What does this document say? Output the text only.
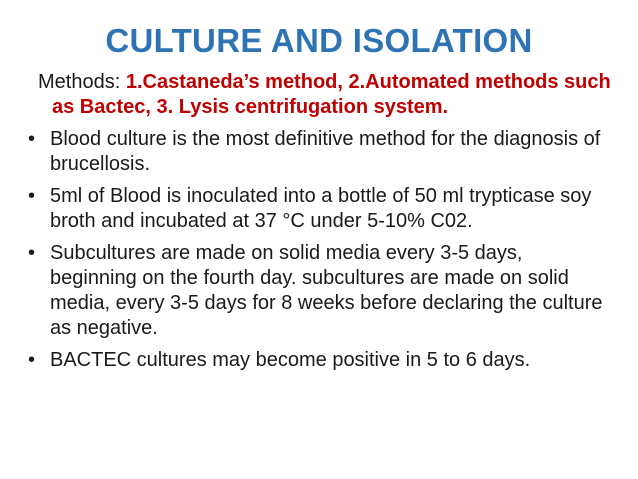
CULTURE AND ISOLATION
Methods: 1.Castaneda’s method, 2.Automated methods such as Bactec, 3. Lysis centrifugation system.
• Blood culture is the most definitive method for the diagnosis of brucellosis.
• 5ml of Blood is inoculated into a bottle of 50 ml trypticase soy broth and incubated at 37 °C under 5-10% C02.
• Subcultures are made on solid media every 3-5 days, beginning on the fourth day. subcultures are made on solid media, every 3-5 days for 8 weeks before declaring the culture as negative.
• BACTEC cultures may become positive in 5 to 6 days.
